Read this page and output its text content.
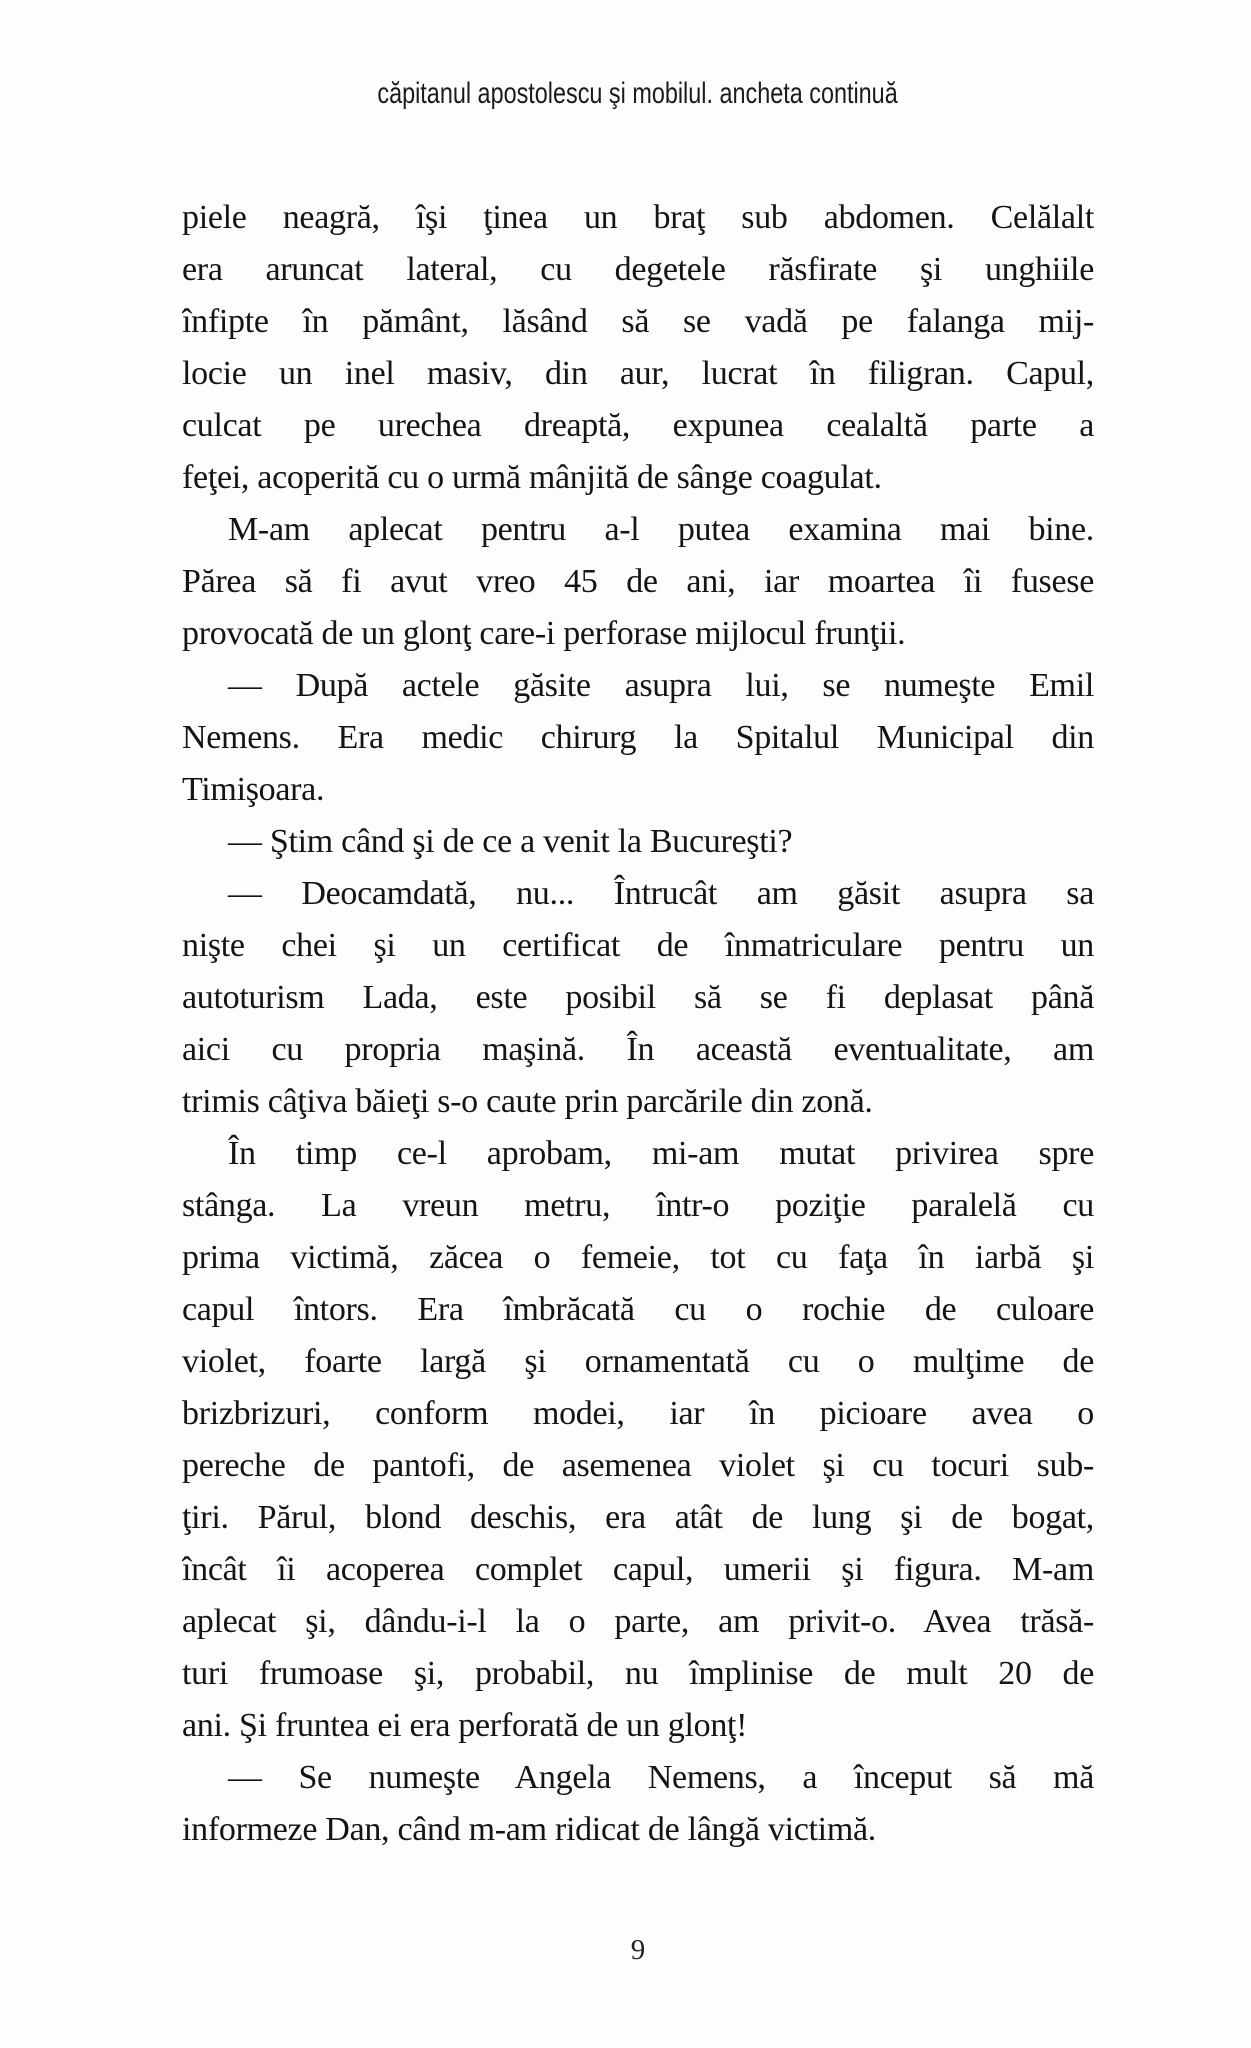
căpitanul apostolescu şi mobilul. ancheta continuă
piele neagră, îşi ţinea un braţ sub abdomen. Celălalt
era aruncat lateral, cu degetele răsfirate şi unghiile
înfipte în pământ, lăsând să se vadă pe falanga mij-
locie un inel masiv, din aur, lucrat în filigran. Capul,
culcat pe urechea dreaptă, expunea cealaltă parte a
feţei, acoperită cu o urmă mânjită de sânge coagulat.
M-am aplecat pentru a-l putea examina mai bine.
Părea să fi avut vreo 45 de ani, iar moartea îi fusese
provocată de un glonţ care-i perforase mijlocul frunţii.
— După actele găsite asupra lui, se numeşte Emil
Nemens. Era medic chirurg la Spitalul Municipal din
Timişoara.
— Ştim când şi de ce a venit la Bucureşti?
— Deocamdată, nu... Întrucât am găsit asupra sa
nişte chei şi un certificat de înmatriculare pentru un
autoturism Lada, este posibil să se fi deplasat până
aici cu propria maşină. În această eventualitate, am
trimis câţiva băieţi s-o caute prin parcările din zonă.
În timp ce-l aprobam, mi-am mutat privirea spre
stânga. La vreun metru, într-o poziţie paralelă cu
prima victimă, zăcea o femeie, tot cu faţa în iarbă şi
capul întors. Era îmbrăcată cu o rochie de culoare
violet, foarte largă şi ornamentată cu o mulţime de
brizbrizuri, conform modei, iar în picioare avea o
pereche de pantofi, de asemenea violet şi cu tocuri sub-
ţiri. Părul, blond deschis, era atât de lung şi de bogat,
încât îi acoperea complet capul, umerii şi figura. M-am
aplecat şi, dându-i-l la o parte, am privit-o. Avea trăsă-
turi frumoase şi, probabil, nu împlinise de mult 20 de
ani. Şi fruntea ei era perforată de un glonţ!
— Se numeşte Angela Nemens, a început să mă
informeze Dan, când m-am ridicat de lângă victimă.
9
